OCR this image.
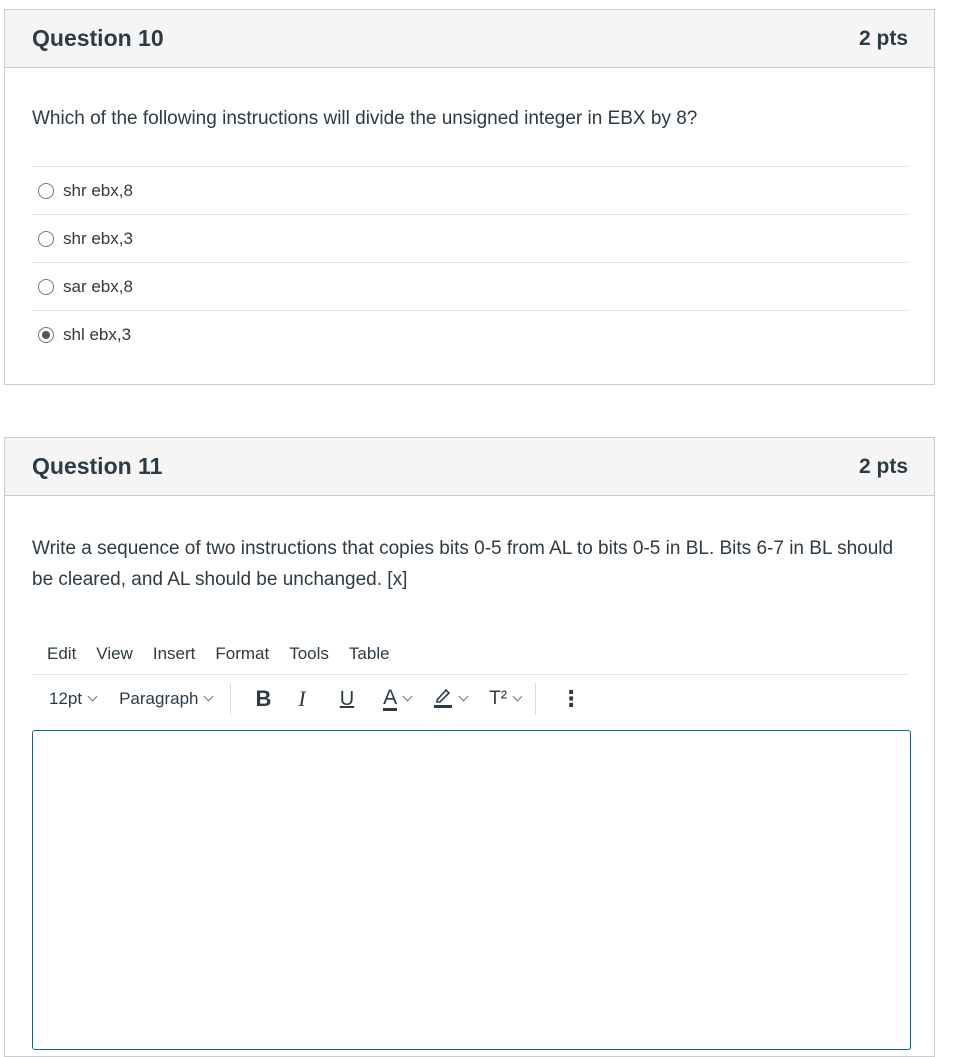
Question 10	2 pts
Which of the following instructions will divide the unsigned integer in EBX by 8?
shr ebx,8
shr ebx,3
sar ebx,8
shl ebx,3
Question 11	2 pts
Write a sequence of two instructions that copies bits 0-5 from AL to bits 0-5 in BL. Bits 6-7 in BL should be cleared, and AL should be unchanged. [x]
Edit View Insert Format Tools Table
12pt Paragraph	B I U A	T² ⋮
